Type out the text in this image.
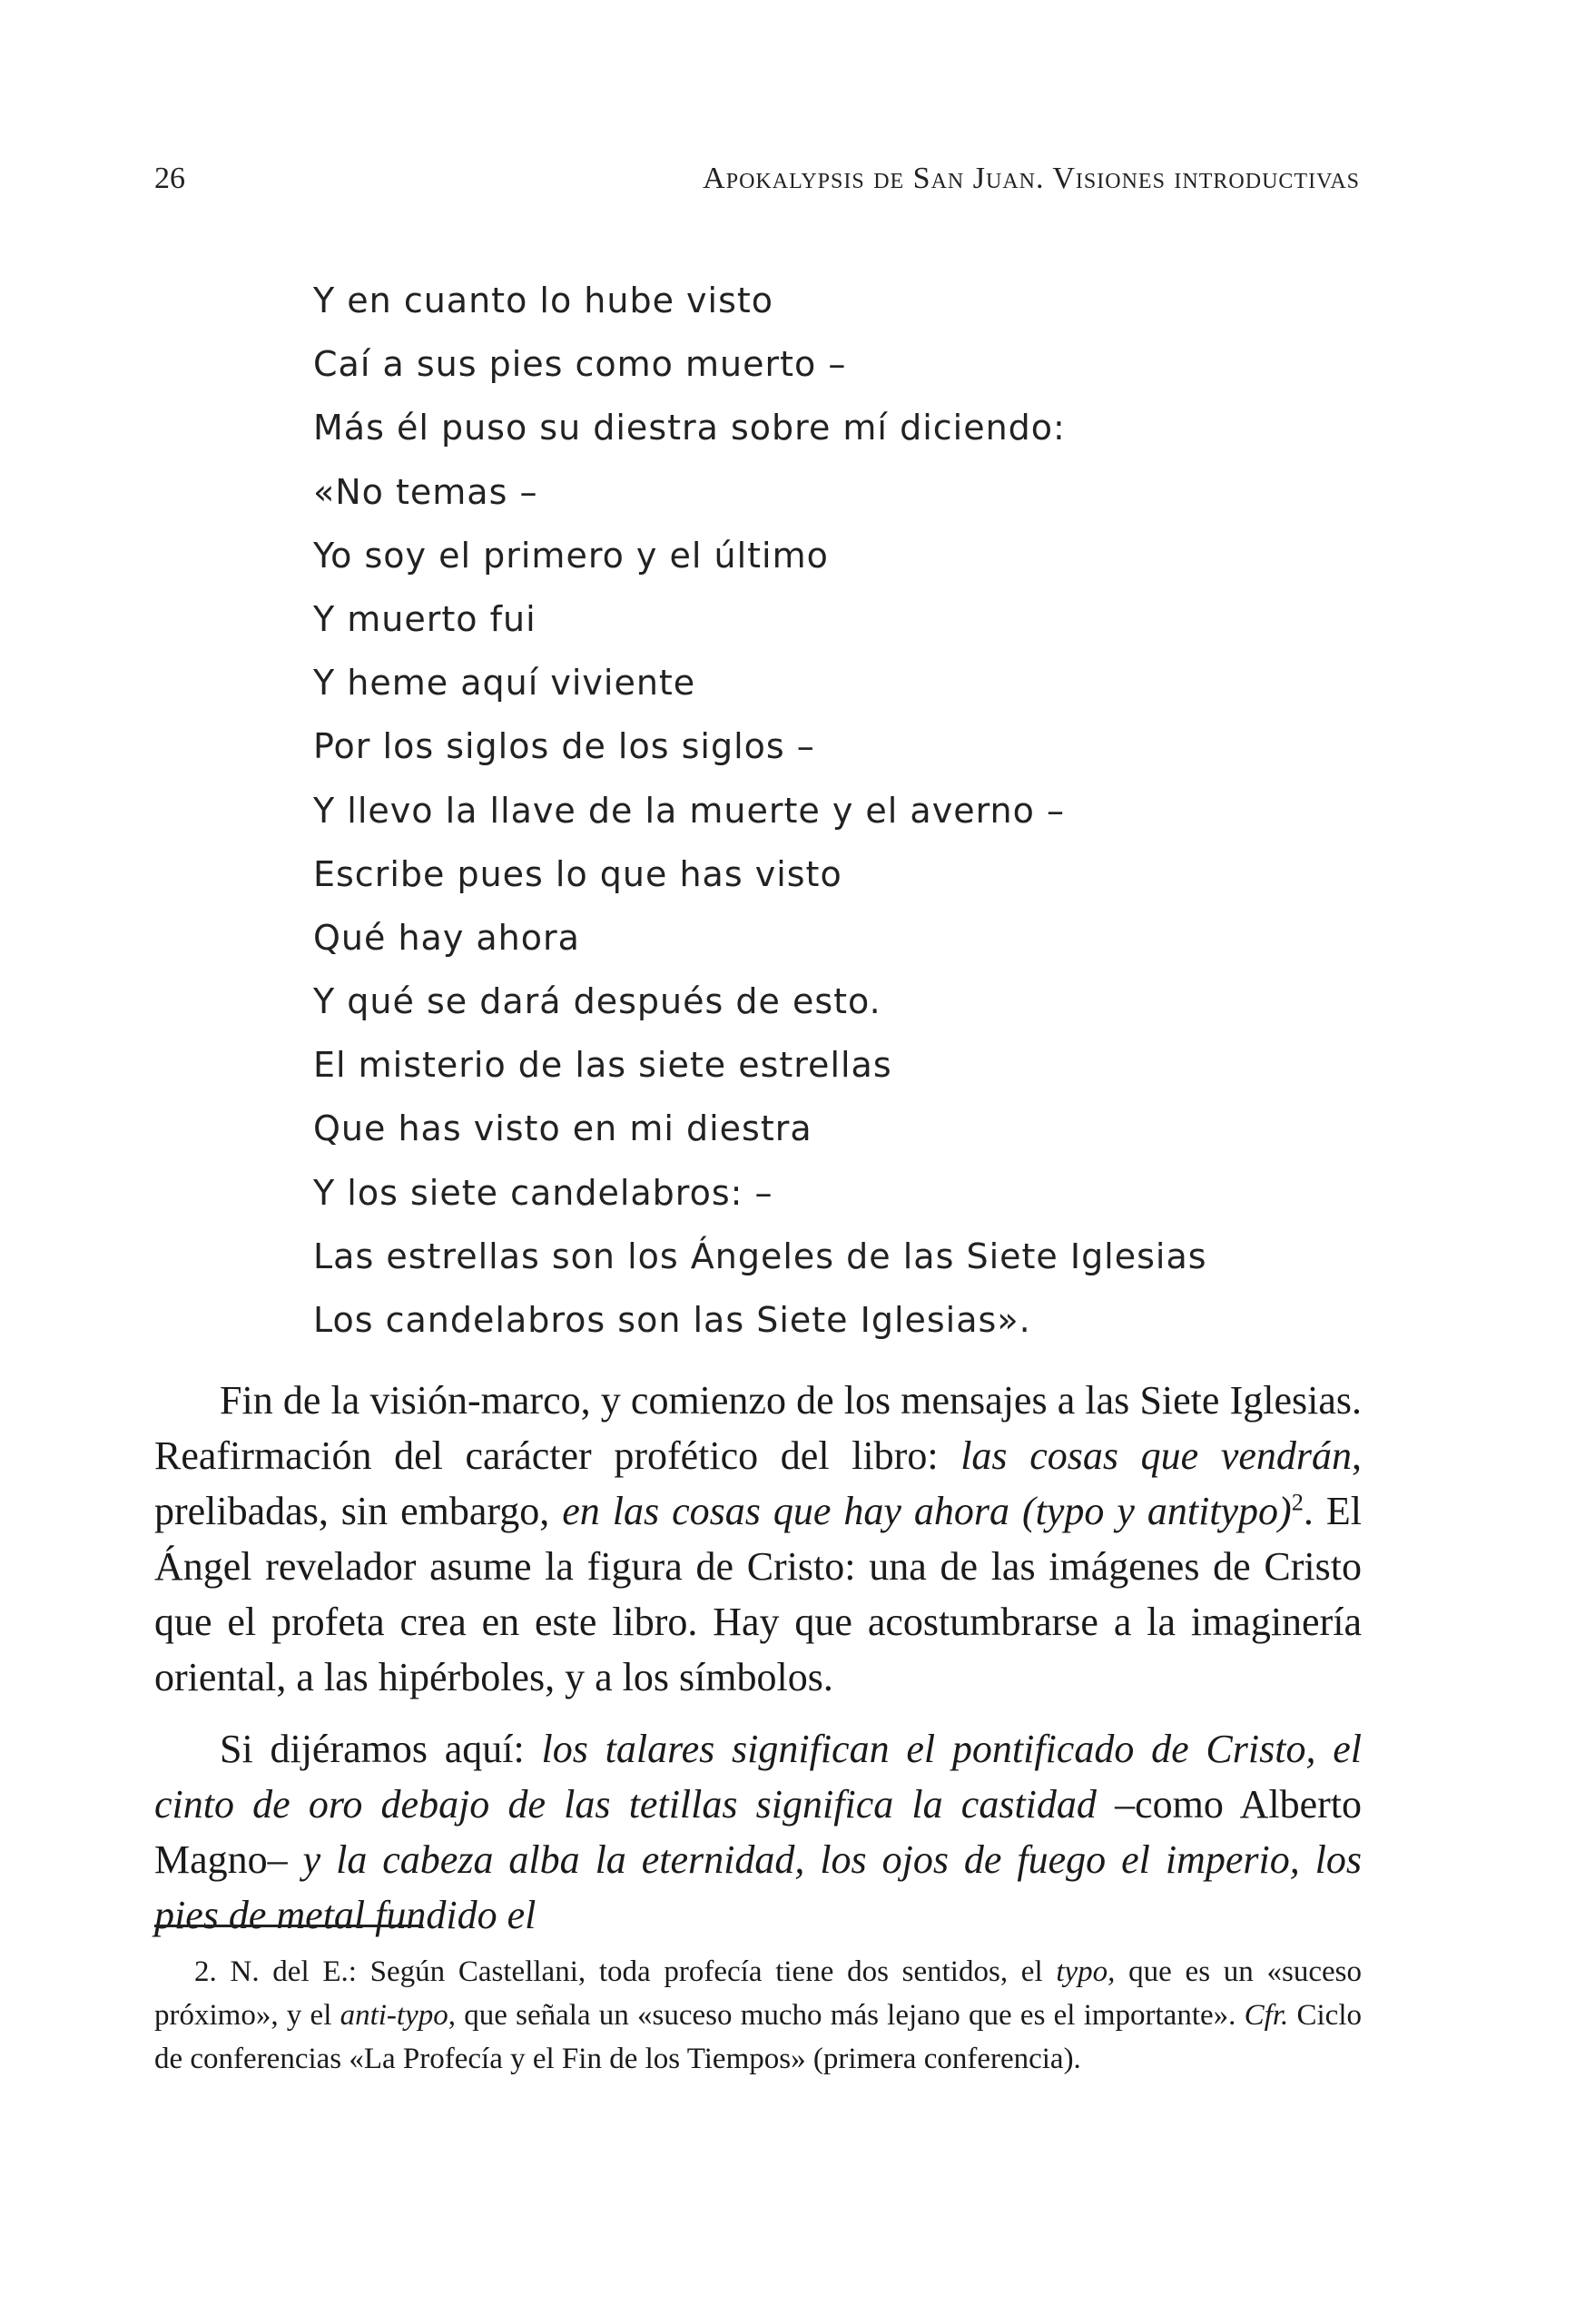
26	Apokalypsis de San Juan. Visiones introductivas
Y en cuanto lo hube visto
Caí a sus pies como muerto –
Más él puso su diestra sobre mí diciendo:
«No temas –
Yo soy el primero y el último
Y muerto fui
Y heme aquí viviente
Por los siglos de los siglos –
Y llevo la llave de la muerte y el averno –
Escribe pues lo que has visto
Qué hay ahora
Y qué se dará después de esto.
El misterio de las siete estrellas
Que has visto en mi diestra
Y los siete candelabros: –
Las estrellas son los Ángeles de las Siete Iglesias
Los candelabros son las Siete Iglesias».

Fin de la visión-marco, y comienzo de los mensajes a las Siete Iglesias. Reafirmación del carácter profético del libro: las cosas que vendrán, prelibadas, sin embargo, en las cosas que hay ahora (typo y antitypo)$^2$. El Ángel revelador asume la figura de Cristo: una de las imágenes de Cristo que el profeta crea en este libro. Hay que acostumbrarse a la imaginería oriental, a las hipérboles, y a los símbolos.

Si dijéramos aquí: los talares significan el pontificado de Cristo, el cinto de oro debajo de las tetillas significa la castidad –como Alberto Magno– y la cabeza alba la eternidad, los ojos de fuego el imperio, los pies de metal fundido el

2. N. del E.: Según Castellani, toda profecía tiene dos sentidos, el typo, que es un «suceso próximo», y el anti-typo, que señala un «suceso mucho más lejano que es el importante». Cfr. Ciclo de conferencias «La Profecía y el Fin de los Tiempos» (primera conferencia).
